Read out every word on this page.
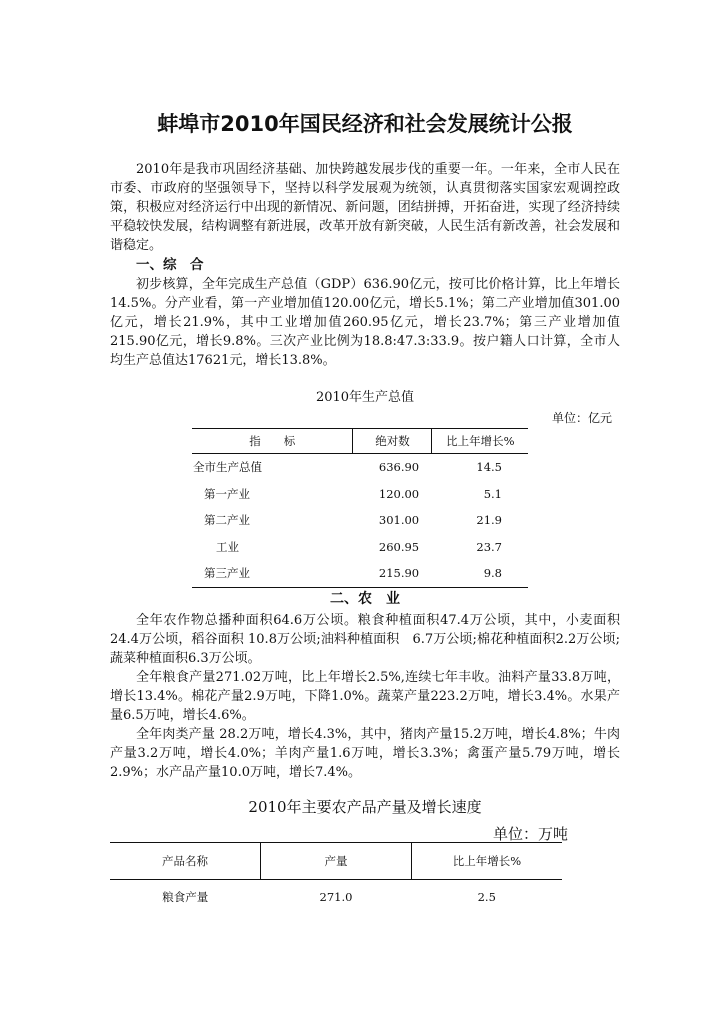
蚌埠市2010年国民经济和社会发展统计公报

2010年是我市巩固经济基础、加快跨越发展步伐的重要一年。一年来，全市人民在市委、市政府的坚强领导下，坚持以科学发展观为统领，认真贯彻落实国家宏观调控政策，积极应对经济运行中出现的新情况、新问题，团结拼搏，开拓奋进，实现了经济持续平稳较快发展，结构调整有新进展，改革开放有新突破，人民生活有新改善，社会发展和谐稳定。

一、综　合

初步核算，全年完成生产总值（GDP）636.90亿元，按可比价格计算，比上年增长14.5%。分产业看，第一产业增加值120.00亿元，增长5.1%；第二产业增加值301.00亿元，增长21.9%，其中工业增加值260.95亿元，增长23.7%；第三产业增加值215.90亿元，增长9.8%。三次产业比例为18.8:47.3:33.9。按户籍人口计算，全市人均生产总值达17621元，增长13.8%。

2010年生产总值
单位：亿元
指　　标	绝对数	比上年增长%
全市生产总值	636.90	14.5
第一产业	120.00	5.1
第二产业	301.00	21.9
工业	260.95	23.7
第三产业	215.90	9.8
二、农　业

全年农作物总播种面积64.6万公顷。粮食种植面积47.4万公顷，其中，小麦面积24.4万公顷，稻谷面积 10.8万公顷;油料种植面积　6.7万公顷;棉花种植面积2.2万公顷;蔬菜种植面积6.3万公顷。

全年粮食产量271.02万吨，比上年增长2.5%,连续七年丰收。油料产量33.8万吨，增长13.4%。棉花产量2.9万吨，下降1.0%。蔬菜产量223.2万吨，增长3.4%。水果产量6.5万吨，增长4.6%。

全年肉类产量 28.2万吨，增长4.3%，其中，猪肉产量15.2万吨，增长4.8%；牛肉产量3.2万吨，增长4.0%；羊肉产量1.6万吨，增长3.3%；禽蛋产量5.79万吨，增长2.9%；水产品产量10.0万吨，增长7.4%。

2010年主要农产品产量及增长速度
单位：万吨
产品名称	产量	比上年增长%
粮食产量	271.0	2.5
